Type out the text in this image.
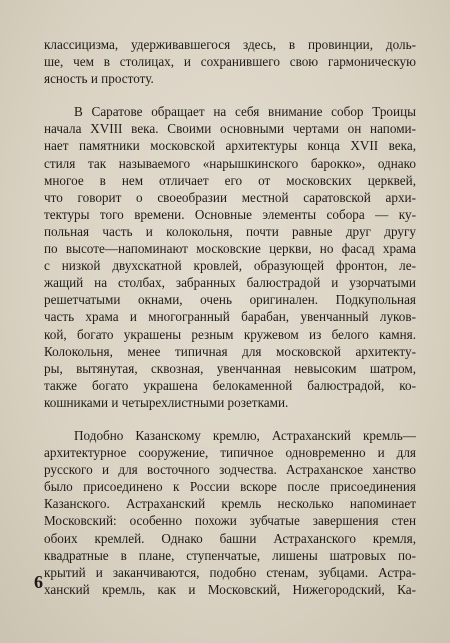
классицизма, удерживавшегося здесь, в провинции, доль-
ше, чем в столицах, и сохранившего свою гармоническую
ясность и простоту.
В Саратове обращает на себя внимание собор Троицы
начала XVIII века. Своими основными чертами он напоми-
нает памятники московской архитектуры конца XVII века,
стиля так называемого «нарышкинского барокко», однако
многое в нем отличает его от московских церквей,
что говорит о своеобразии местной саратовской архи-
тектуры того времени. Основные элементы собора — ку-
польная часть и колокольня, почти равные друг другу
по высоте—напоминают московские церкви, но фасад храма
с низкой двухскатной кровлей, образующей фронтон, ле-
жащий на столбах, забранных балюстрадой и узорчатыми
решетчатыми окнами, очень оригинален. Подкупольная
часть храма и многогранный барабан, увенчанный луков-
кой, богато украшены резным кружевом из белого камня.
Колокольня, менее типичная для московской архитекту-
ры, вытянутая, сквозная, увенчанная невысоким шатром,
также богато украшена белокаменной балюстрадой, ко-
кошниками и четырехлистными розетками.
Подобно Казанскому кремлю, Астраханский кремль—
архитектурное сооружение, типичное одновременно и для
русского и для восточного зодчества. Астраханское ханство
было присоединено к России вскоре после присоединения
Казанского. Астраханский кремль несколько напоминает
Московский: особенно похожи зубчатые завершения стен
обоих кремлей. Однако башни Астраханского кремля,
квадратные в плане, ступенчатые, лишены шатровых по-
крытий и заканчиваются, подобно стенам, зубцами. Астра-
ханский кремль, как и Московский, Нижегородский, Ка-
6
